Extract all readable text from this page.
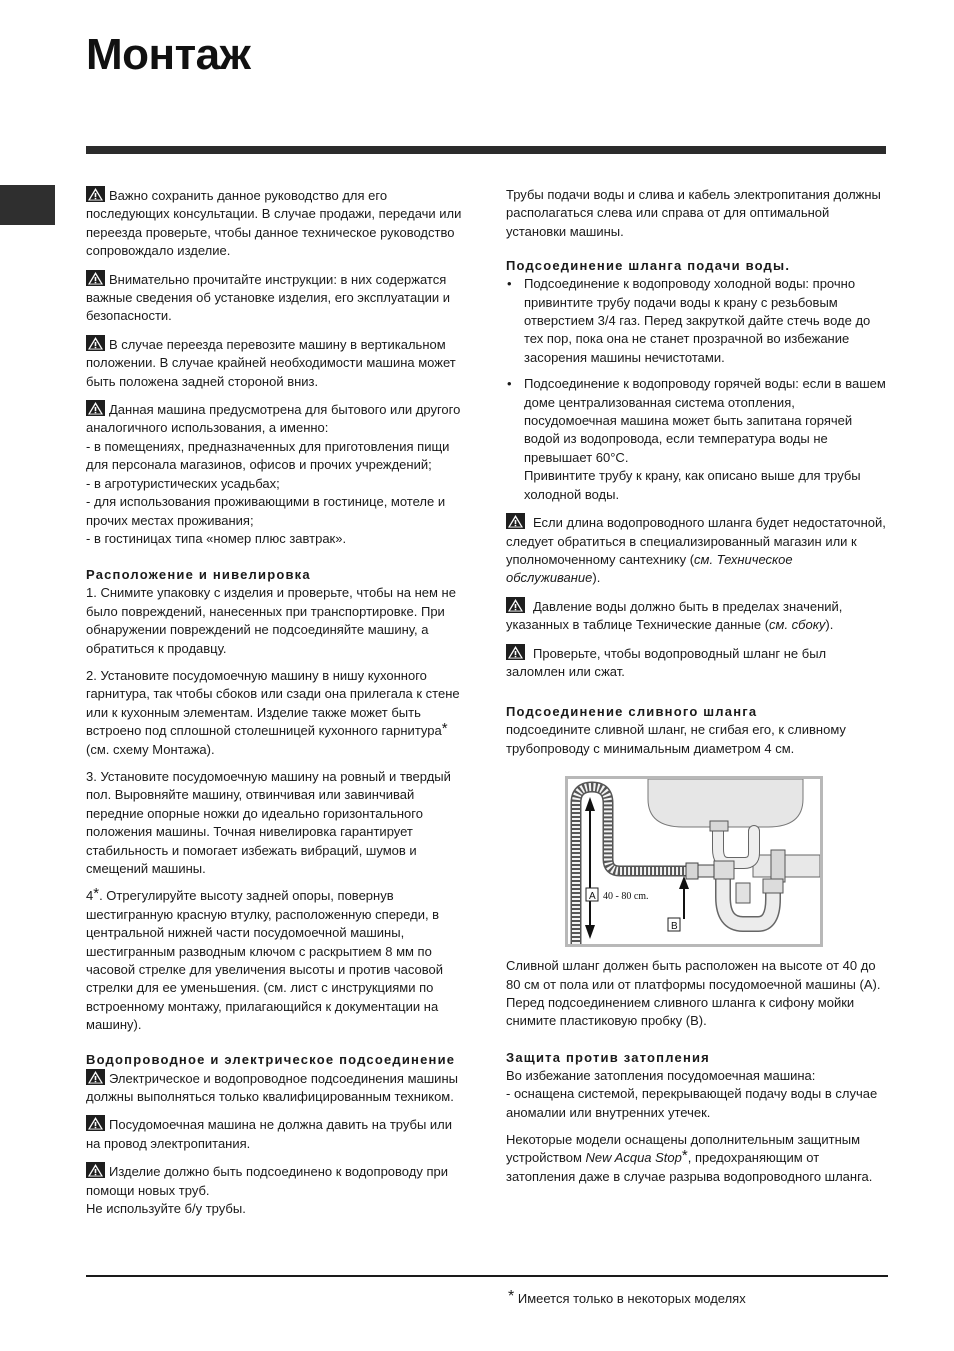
Монтаж

Важно сохранить данное руководство для его последующих консультации. В случае продажи, передачи или переезда проверьте, чтобы данное техническое руководство сопровождало изделие.

Внимательно прочитайте инструкции: в них содержатся важные сведения об установке изделия, его эксплуатации и безопасности.

В случае переезда перевозите машину в вертикальном положении. В случае крайней необходимости машина может быть положена задней стороной вниз.

Данная машина предусмотрена для бытового или другого аналогичного использования, а именно:

- в помещениях, предназначенных для приготовления пищи для персонала магазинов, офисов и прочих учреждений;
- в агротуристических усадьбах;
- для использования проживающими в гостинице, мотеле и прочих местах проживания;
- в гостиницах типа «номер плюс завтрак».
Расположение и нивелировка

1. Снимите упаковку с изделия и проверьте, чтобы на нем не было повреждений, нанесенных при транспортировке. При обнаружении повреждений не подсоединяйте машину, а обратиться к продавцу.

2. Установите посудомоечную машину в нишу кухонного гарнитура, так чтобы сбоков или сзади она прилегала к стене или к кухонным элементам. Изделие также может быть встроено под сплошной столешницей кухонного гарнитура* (см. схему Монтажа).

3. Установите посудомоечную машину на ровный и твердый пол. Выровняйте машину, отвинчивая или завинчивай передние опорные ножки до идеально горизонтального положения машины. Точная нивелировка гарантирует стабильность и помогает избежать вибраций, шумов и смещений машины.

4*. Отрегулируйте высоту задней опоры, повернув шестигранную красную втулку, расположенную спереди, в центральной нижней части посудомоечной машины, шестигранным разводным ключом с раскрытием 8 мм по часовой стрелке для увеличения высоты и против часовой стрелки для ее уменьшения. (см. лист с инструкциями по встроенному монтажу, прилагающийся к документации на машину).

Водопроводное и электрическое подсоединение

Электрическое и водопроводное подсоединения машины должны выполняться только квалифицированным техником.

Посудомоечная машина не должна давить на трубы или на провод электропитания.

Изделие должно быть подсоединено к водопроводу при помощи новых труб.

Не используйте б/у трубы.

Трубы подачи воды и слива и кабель электропитания должны располагаться слева или справа от для оптимальной установки машины.

Подсоединение шланга подачи воды.
• Подсоединение к водопроводу холодной воды: прочно привинтите трубу подачи воды к крану с резьбовым отверстием 3/4 газ. Перед закруткой дайте стечь воде до тех пор, пока она не станет прозрачной во избежание засорения машины нечистотами.
• Подсоединение к водопроводу горячей воды: если в вашем доме централизованная система отопления, посудомоечная машина может быть запитана горячей водой из водопровода, если температура воды не превышает 60°C.
Привинтите трубу к крану, как описано выше для трубы холодной воды.

Если длина водопроводного шланга будет недостаточной, следует обратиться в специализированный магазин или к уполномоченному сантехнику (см. Техническое обслуживание).

Давление воды должно быть в пределах значений, указанных в таблице Технические данные (см. сбоку).

Проверьте, чтобы водопроводный шланг не был заломлен или сжат.

Подсоединение сливного шланга
подсоедините сливной шланг, не сгибая его, к сливному трубопроводу с минимальным диаметром 4 см.
A 40 - 80 cm.
B
Сливной шланг должен быть расположен на высоте от 40 до 80 см от пола или от платформы посудомоечной машины (A).

Перед подсоединением сливного шланга к сифону мойки снимите пластиковую пробку (B).

Защита против затопления
Во избежание затопления посудомоечная машина:

- оснащена системой, перекрывающей подачу воды в случае аномалии или внутренних утечек.

Некоторые модели оснащены дополнительным защитным устройством New Acqua Stop*, предохраняющим от затопления даже в случае разрыва водопроводного шланга.

* Имеется только в некоторых моделях
